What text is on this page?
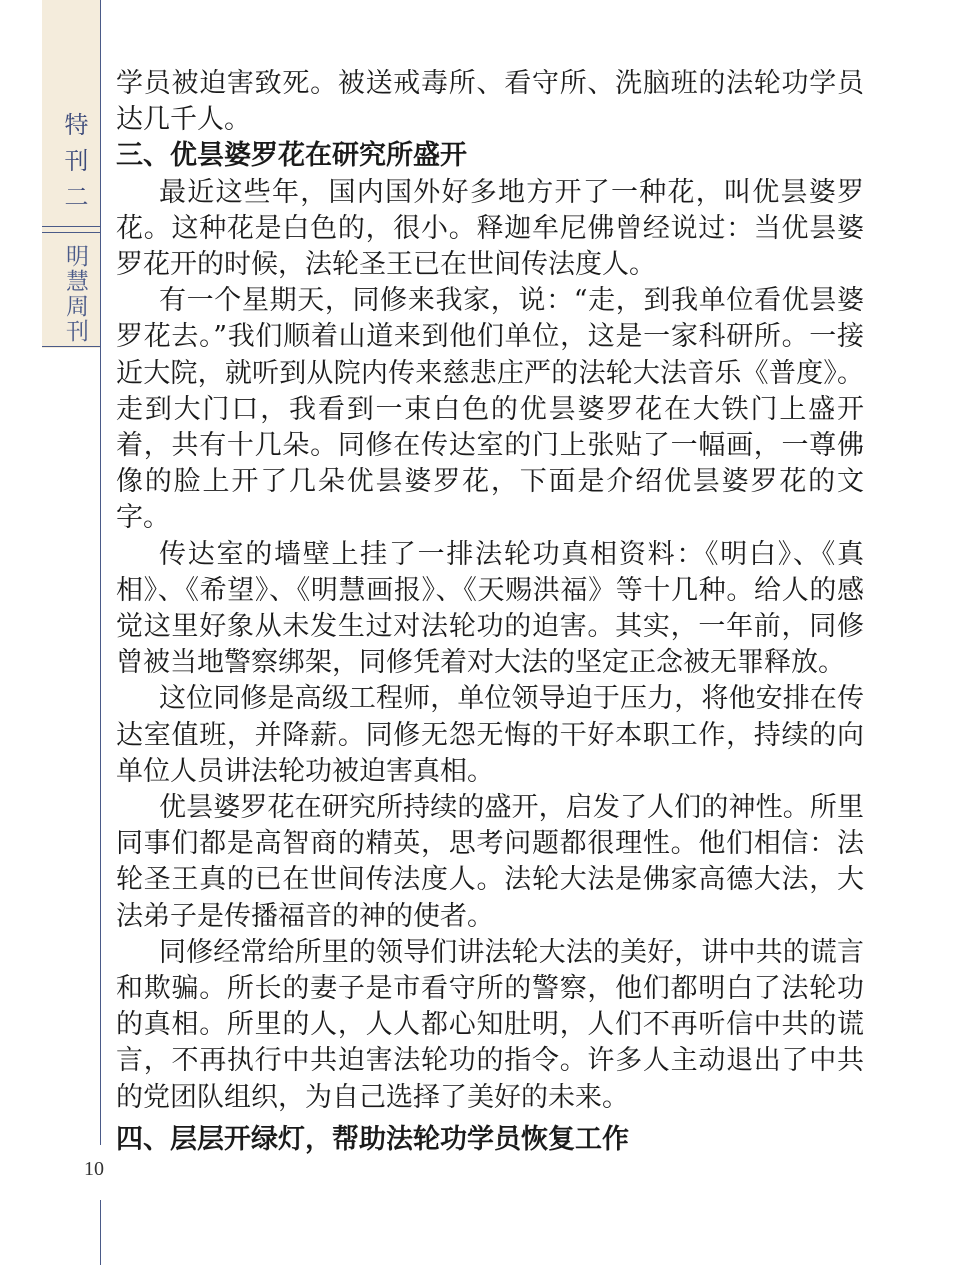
特刊二
明慧周刊
10

学员被迫害致死。被送戒毒所、看守所、洗脑班的法轮功学员达几千人。

三、优昙婆罗花在研究所盛开

最近这些年，国内国外好多地方开了一种花，叫优昙婆罗花。这种花是白色的，很小。释迦牟尼佛曾经说过：当优昙婆罗花开的时候，法轮圣王已在世间传法度人。

有一个星期天，同修来我家，说：“走，到我单位看优昙婆罗花去。”我们顺着山道来到他们单位，这是一家科研所。一接近大院，就听到从院内传来慈悲庄严的法轮大法音乐《普度》。走到大门口，我看到一束白色的优昙婆罗花在大铁门上盛开着，共有十几朵。同修在传达室的门上张贴了一幅画，一尊佛像的脸上开了几朵优昙婆罗花，下面是介绍优昙婆罗花的文字。

传达室的墙壁上挂了一排法轮功真相资料：《明白》、《真相》、《希望》、《明慧画报》、《天赐洪福》等十几种。给人的感觉这里好象从未发生过对法轮功的迫害。其实，一年前，同修曾被当地警察绑架，同修凭着对大法的坚定正念被无罪释放。

这位同修是高级工程师，单位领导迫于压力，将他安排在传达室值班，并降薪。同修无怨无悔的干好本职工作，持续的向单位人员讲法轮功被迫害真相。

优昙婆罗花在研究所持续的盛开，启发了人们的神性。所里同事们都是高智商的精英，思考问题都很理性。他们相信：法轮圣王真的已在世间传法度人。法轮大法是佛家高德大法，大法弟子是传播福音的神的使者。

同修经常给所里的领导们讲法轮大法的美好，讲中共的谎言和欺骗。所长的妻子是市看守所的警察，他们都明白了法轮功的真相。所里的人，人人都心知肚明，人们不再听信中共的谎言，不再执行中共迫害法轮功的指令。许多人主动退出了中共的党团队组织，为自己选择了美好的未来。

四、层层开绿灯，帮助法轮功学员恢复工作
